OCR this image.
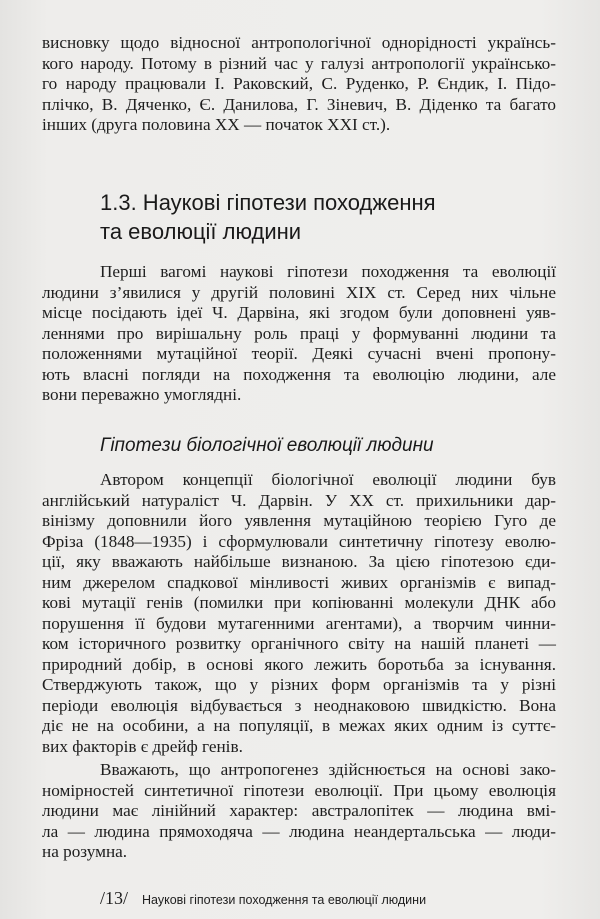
висновку щодо відносної антропологічної однорідності українсь-
кого народу. Потому в різний час у галузі антропології українсько-
го народу працювали І. Раковский, С. Руденко, Р. Єндик, І. Підо-
плічко, В. Дяченко, Є. Данилова, Г. Зіневич, В. Діденко та багато
інших (друга половина XX — початок XXI ст.).
1.3. Наукові гіпотези походження
та еволюції людини
Перші вагомі наукові гіпотези походження та еволюції
людини з’явилися у другій половині XIX ст. Серед них чільне
місце посідають ідеї Ч. Дарвіна, які згодом були доповнені уяв-
леннями про вирішальну роль праці у формуванні людини та
положеннями мутаційної теорії. Деякі сучасні вчені пропону-
ють власні погляди на походження та еволюцію людини, але
вони переважно умоглядні.
Гіпотези біологічної еволюції людини
Автором концепції біологічної еволюції людини був
англійський натураліст Ч. Дарвін. У XX ст. прихильники дар-
вінізму доповнили його уявлення мутаційною теорією Гуго де
Фріза (1848—1935) і сформулювали синтетичну гіпотезу еволю-
ції, яку вважають найбільше визнаною. За цією гіпотезою єди-
ним джерелом спадкової мінливості живих організмів є випад-
кові мутації генів (помилки при копіюванні молекули ДНК або
порушення її будови мутагенними агентами), а творчим чинни-
ком історичного розвитку органічного світу на нашій планеті —
природний добір, в основі якого лежить боротьба за існування.
Стверджують також, що у різних форм організмів та у різні
періоди еволюція відбувається з неоднаковою швидкістю. Вона
діє не на особини, а на популяції, в межах яких одним із суттє-
вих факторів є дрейф генів.
Вважають, що антропогенез здійснюється на основі зако-
номірностей синтетичної гіпотези еволюції. При цьому еволюція
людини має лінійний характер: австралопітек — людина вмі-
ла — людина прямоходяча — людина неандертальська — люди-
на розумна.
/13/ Наукові гіпотези походження та еволюції людини
